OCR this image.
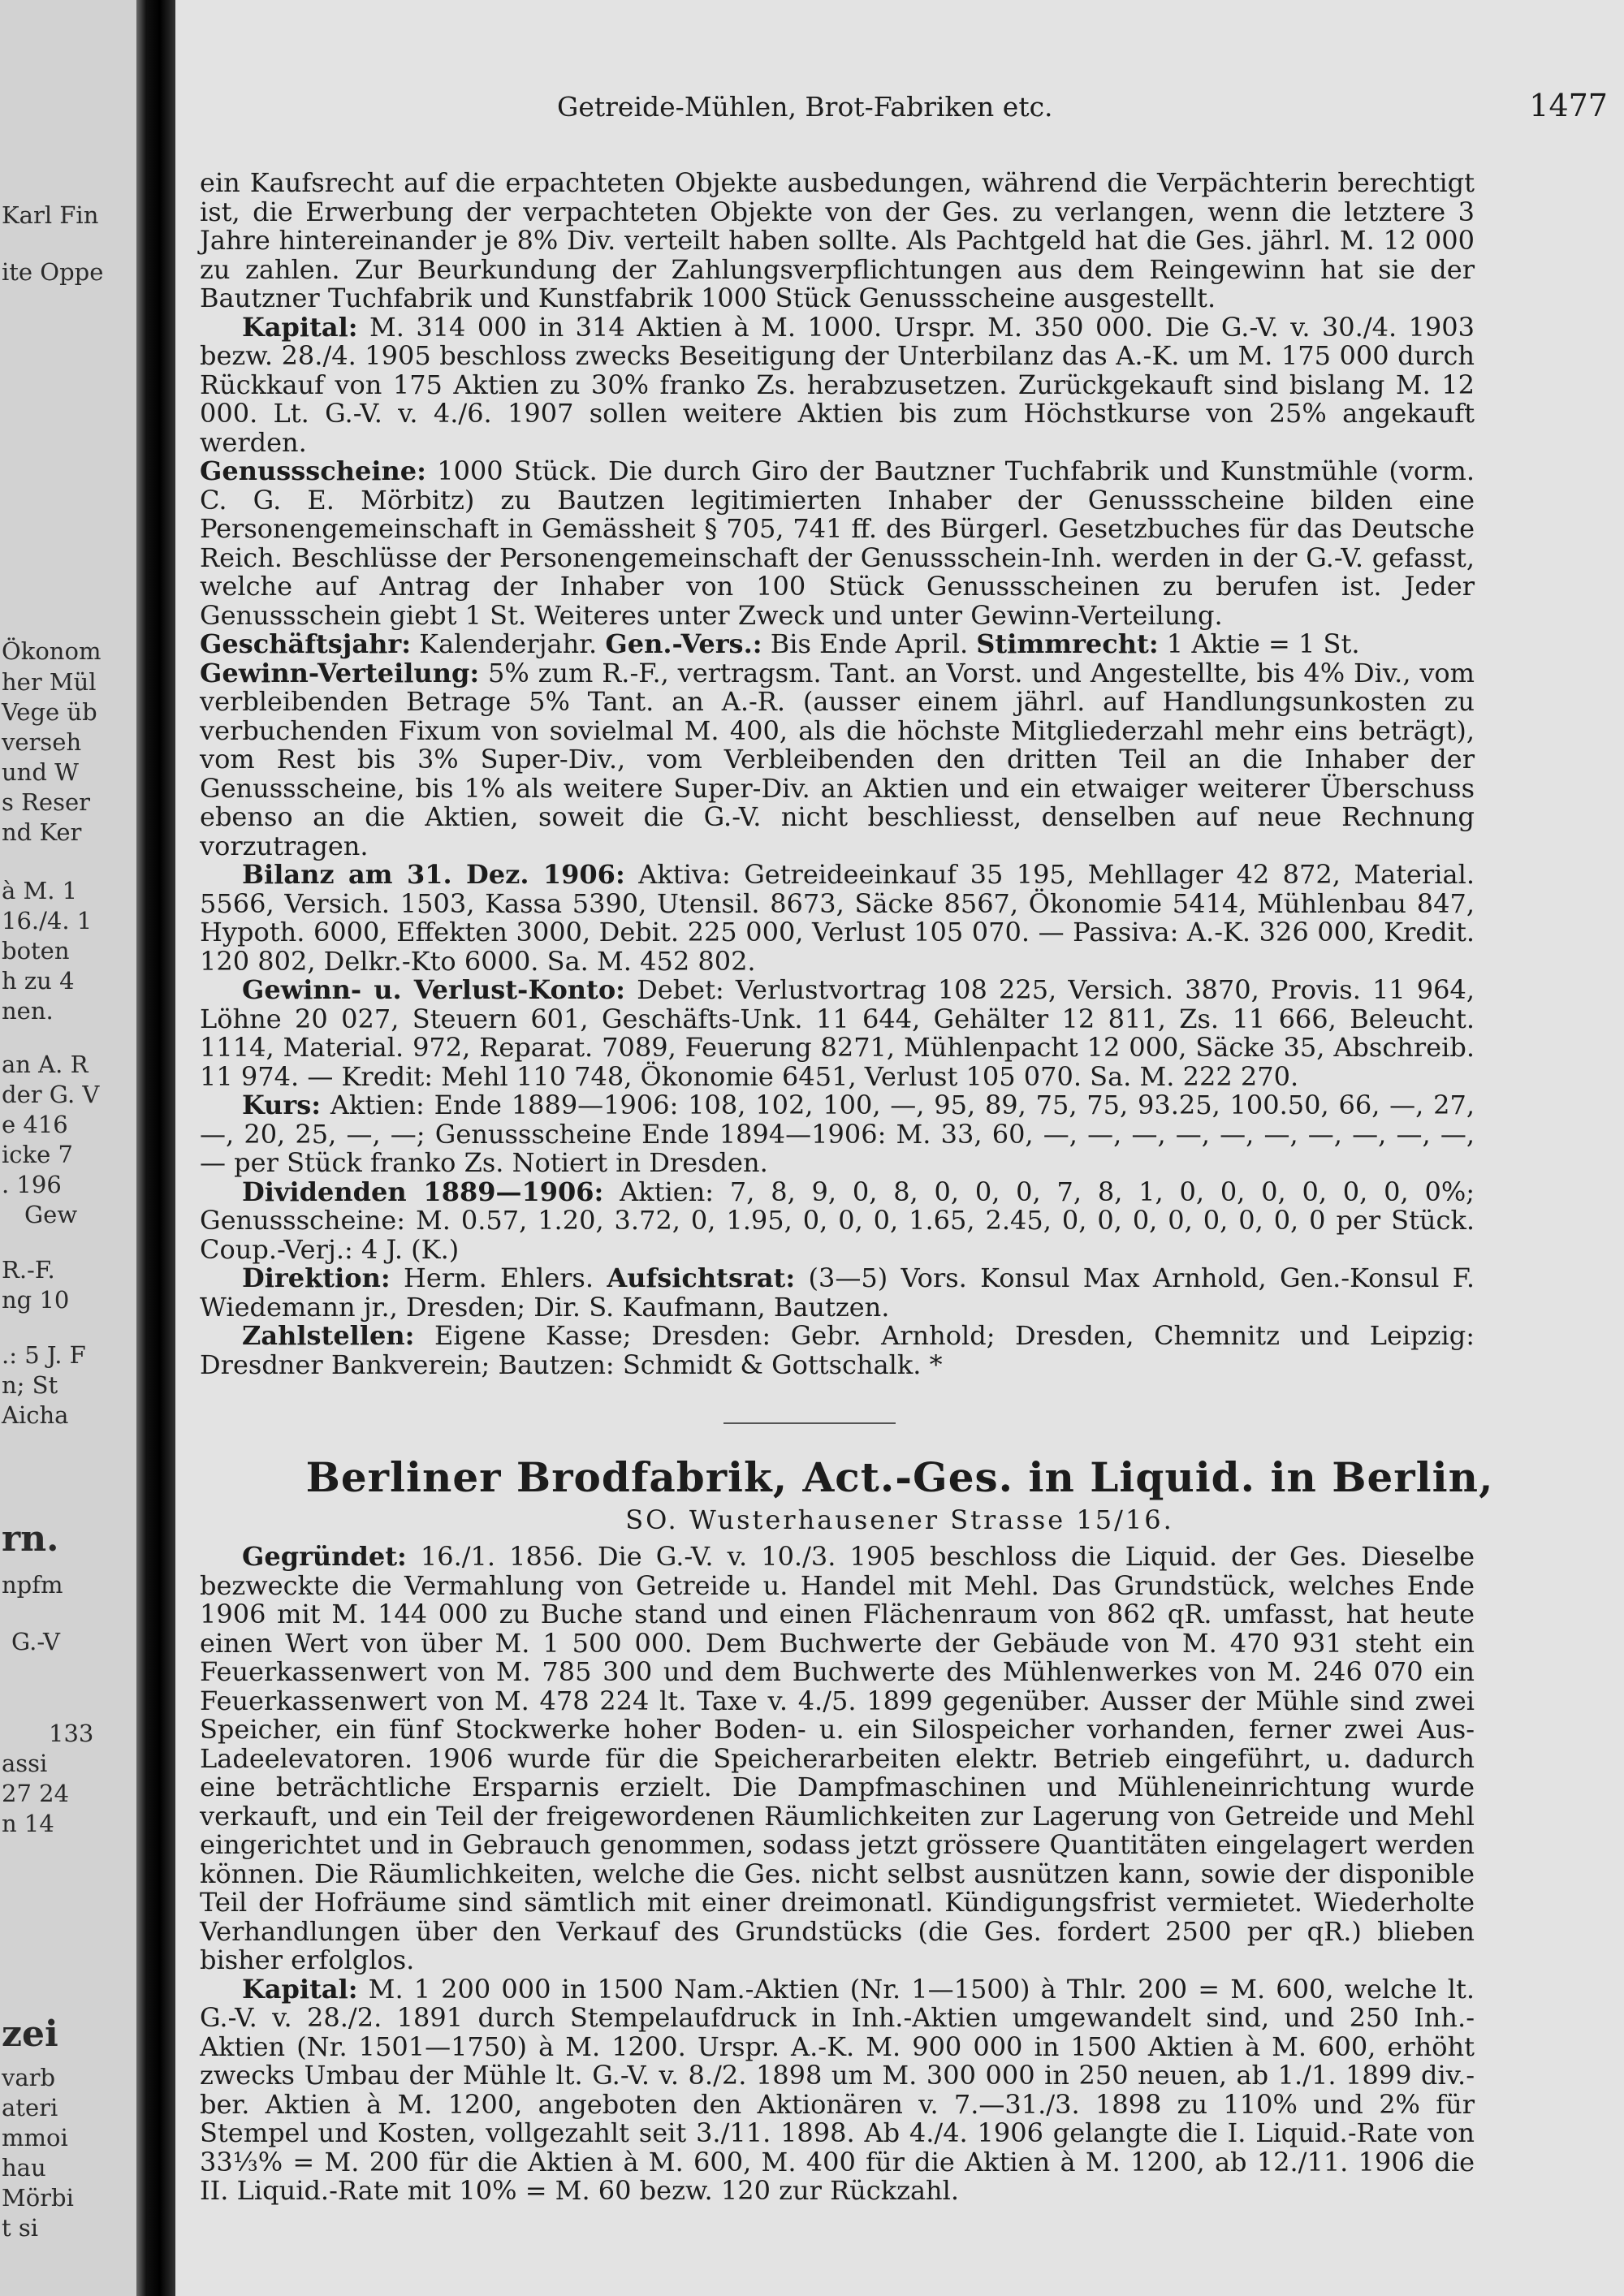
Karl Fin
ite Oppe
Ökonom
her Mül
Vege üb
verseh
und W
s Reser
nd Ker
à M. 1
16./4. 1
boten
h zu 4
nen.
an A. R
der G. V
e 416
icke 7
. 196
Gew
R.-F.
ng 10
.: 5 J. F
n; St
Aicha
rn.
npfm
G.-V
133
assi
27 24
n 14
zei
varb
ateri
mmoi
hau
Mörbi
t si
Getreide-Mühlen, Brot-Fabriken etc.	1477

ein Kaufsrecht auf die erpachteten Objekte ausbedungen, während die Verpächterin berechtigt ist, die Erwerbung der verpachteten Objekte von der Ges. zu verlangen, wenn die letztere 3 Jahre hintereinander je 8% Div. verteilt haben sollte. Als Pachtgeld hat die Ges. jährl. M. 12 000 zu zahlen. Zur Beurkundung der Zahlungsverpflichtungen aus dem Reingewinn hat sie der Bautzner Tuchfabrik und Kunstfabrik 1000 Stück Genussscheine ausgestellt.

Kapital: M. 314 000 in 314 Aktien à M. 1000. Urspr. M. 350 000. Die G.-V. v. 30./4. 1903 bezw. 28./4. 1905 beschloss zwecks Beseitigung der Unterbilanz das A.-K. um M. 175 000 durch Rückkauf von 175 Aktien zu 30% franko Zs. herabzusetzen. Zurückgekauft sind bislang M. 12 000. Lt. G.-V. v. 4./6. 1907 sollen weitere Aktien bis zum Höchstkurse von 25% angekauft werden.

Genussscheine: 1000 Stück. Die durch Giro der Bautzner Tuchfabrik und Kunstmühle (vorm. C. G. E. Mörbitz) zu Bautzen legitimierten Inhaber der Genussscheine bilden eine Personengemeinschaft in Gemässheit § 705, 741 ff. des Bürgerl. Gesetzbuches für das Deutsche Reich. Beschlüsse der Personengemeinschaft der Genussschein-Inh. werden in der G.-V. gefasst, welche auf Antrag der Inhaber von 100 Stück Genussscheinen zu berufen ist. Jeder Genussschein giebt 1 St. Weiteres unter Zweck und unter Gewinn-Verteilung.

Geschäftsjahr: Kalenderjahr. Gen.-Vers.: Bis Ende April. Stimmrecht: 1 Aktie = 1 St.

Gewinn-Verteilung: 5% zum R.-F., vertragsm. Tant. an Vorst. und Angestellte, bis 4% Div., vom verbleibenden Betrage 5% Tant. an A.-R. (ausser einem jährl. auf Handlungsunkosten zu verbuchenden Fixum von sovielmal M. 400, als die höchste Mitgliederzahl mehr eins beträgt), vom Rest bis 3% Super-Div., vom Verbleibenden den dritten Teil an die Inhaber der Genussscheine, bis 1% als weitere Super-Div. an Aktien und ein etwaiger weiterer Überschuss ebenso an die Aktien, soweit die G.-V. nicht beschliesst, denselben auf neue Rechnung vorzutragen.

Bilanz am 31. Dez. 1906: Aktiva: Getreideeinkauf 35 195, Mehllager 42 872, Material. 5566, Versich. 1503, Kassa 5390, Utensil. 8673, Säcke 8567, Ökonomie 5414, Mühlenbau 847, Hypoth. 6000, Effekten 3000, Debit. 225 000, Verlust 105 070. — Passiva: A.-K. 326 000, Kredit. 120 802, Delkr.-Kto 6000. Sa. M. 452 802.

Gewinn- u. Verlust-Konto: Debet: Verlustvortrag 108 225, Versich. 3870, Provis. 11 964, Löhne 20 027, Steuern 601, Geschäfts-Unk. 11 644, Gehälter 12 811, Zs. 11 666, Beleucht. 1114, Material. 972, Reparat. 7089, Feuerung 8271, Mühlenpacht 12 000, Säcke 35, Abschreib. 11 974. — Kredit: Mehl 110 748, Ökonomie 6451, Verlust 105 070. Sa. M. 222 270.

Kurs: Aktien: Ende 1889—1906: 108, 102, 100, —, 95, 89, 75, 75, 93.25, 100.50, 66, —, 27, —, 20, 25, —, —; Genussscheine Ende 1894—1906: M. 33, 60, —, —, —, —, —, —, —, —, —, —, — per Stück franko Zs. Notiert in Dresden.

Dividenden 1889—1906: Aktien: 7, 8, 9, 0, 8, 0, 0, 0, 7, 8, 1, 0, 0, 0, 0, 0, 0, 0%; Genussscheine: M. 0.57, 1.20, 3.72, 0, 1.95, 0, 0, 0, 1.65, 2.45, 0, 0, 0, 0, 0, 0, 0, 0 per Stück. Coup.-Verj.: 4 J. (K.)

Direktion: Herm. Ehlers. Aufsichtsrat: (3—5) Vors. Konsul Max Arnhold, Gen.-Konsul F. Wiedemann jr., Dresden; Dir. S. Kaufmann, Bautzen.

Zahlstellen: Eigene Kasse; Dresden: Gebr. Arnhold; Dresden, Chemnitz und Leipzig: Dresdner Bankverein; Bautzen: Schmidt & Gottschalk. *

Berliner Brodfabrik, Act.-Ges. in Liquid. in Berlin,
SO. Wusterhausener Strasse 15/16.

Gegründet: 16./1. 1856. Die G.-V. v. 10./3. 1905 beschloss die Liquid. der Ges. Dieselbe bezweckte die Vermahlung von Getreide u. Handel mit Mehl. Das Grundstück, welches Ende 1906 mit M. 144 000 zu Buche stand und einen Flächenraum von 862 qR. umfasst, hat heute einen Wert von über M. 1 500 000. Dem Buchwerte der Gebäude von M. 470 931 steht ein Feuerkassenwert von M. 785 300 und dem Buchwerte des Mühlenwerkes von M. 246 070 ein Feuerkassenwert von M. 478 224 lt. Taxe v. 4./5. 1899 gegenüber. Ausser der Mühle sind zwei Speicher, ein fünf Stockwerke hoher Boden- u. ein Silospeicher vorhanden, ferner zwei Aus-Ladeelevatoren. 1906 wurde für die Speicherarbeiten elektr. Betrieb eingeführt, u. dadurch eine beträchtliche Ersparnis erzielt. Die Dampfmaschinen und Mühleneinrichtung wurde verkauft, und ein Teil der freigewordenen Räumlichkeiten zur Lagerung von Getreide und Mehl eingerichtet und in Gebrauch genommen, sodass jetzt grössere Quantitäten eingelagert werden können. Die Räumlichkeiten, welche die Ges. nicht selbst ausnützen kann, sowie der disponible Teil der Hofräume sind sämtlich mit einer dreimonatl. Kündigungsfrist vermietet. Wiederholte Verhandlungen über den Verkauf des Grundstücks (die Ges. fordert 2500 per qR.) blieben bisher erfolglos.

Kapital: M. 1 200 000 in 1500 Nam.-Aktien (Nr. 1—1500) à Thlr. 200 = M. 600, welche lt. G.-V. v. 28./2. 1891 durch Stempelaufdruck in Inh.-Aktien umgewandelt sind, und 250 Inh.-Aktien (Nr. 1501—1750) à M. 1200. Urspr. A.-K. M. 900 000 in 1500 Aktien à M. 600, erhöht zwecks Umbau der Mühle lt. G.-V. v. 8./2. 1898 um M. 300 000 in 250 neuen, ab 1./1. 1899 div.-ber. Aktien à M. 1200, angeboten den Aktionären v. 7.—31./3. 1898 zu 110% und 2% für Stempel und Kosten, vollgezahlt seit 3./11. 1898. Ab 4./4. 1906 gelangte die I. Liquid.-Rate von 33⅓% = M. 200 für die Aktien à M. 600, M. 400 für die Aktien à M. 1200, ab 12./11. 1906 die II. Liquid.-Rate mit 10% = M. 60 bezw. 120 zur Rückzahl.
